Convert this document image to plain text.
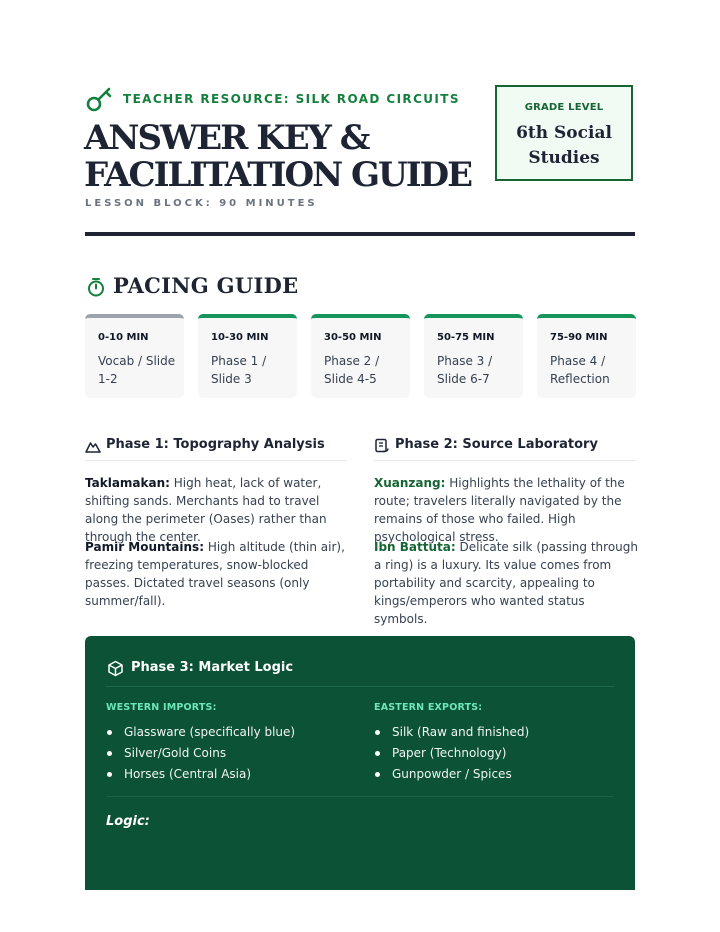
TEACHER RESOURCE: SILK ROAD CIRCUITS
ANSWER KEY &
FACILITATION GUIDE
LESSON BLOCK: 90 MINUTES
GRADE LEVEL
6th Social Studies
PACING GUIDE
0-10 MIN
Vocab / Slide 1-2
10-30 MIN
Phase 1 / Slide 3
30-50 MIN
Phase 2 / Slide 4-5
50-75 MIN
Phase 3 / Slide 6-7
75-90 MIN
Phase 4 / Reflection
Phase 1: Topography Analysis
Taklamakan: High heat, lack of water, shifting sands. Merchants had to travel along the perimeter (Oases) rather than through the center.
Pamir Mountains: High altitude (thin air), freezing temperatures, snow-blocked passes. Dictated travel seasons (only summer/fall).
Phase 2: Source Laboratory
Xuanzang: Highlights the lethality of the route; travelers literally navigated by the remains of those who failed. High psychological stress.
Ibn Battuta: Delicate silk (passing through a ring) is a luxury. Its value comes from portability and scarcity, appealing to kings/emperors who wanted status symbols.
Phase 3: Market Logic
WESTERN IMPORTS:
Glassware (specifically blue)
Silver/Gold Coins
Horses (Central Asia)
EASTERN EXPORTS:
Silk (Raw and finished)
Paper (Technology)
Gunpowder / Spices
Logic:
